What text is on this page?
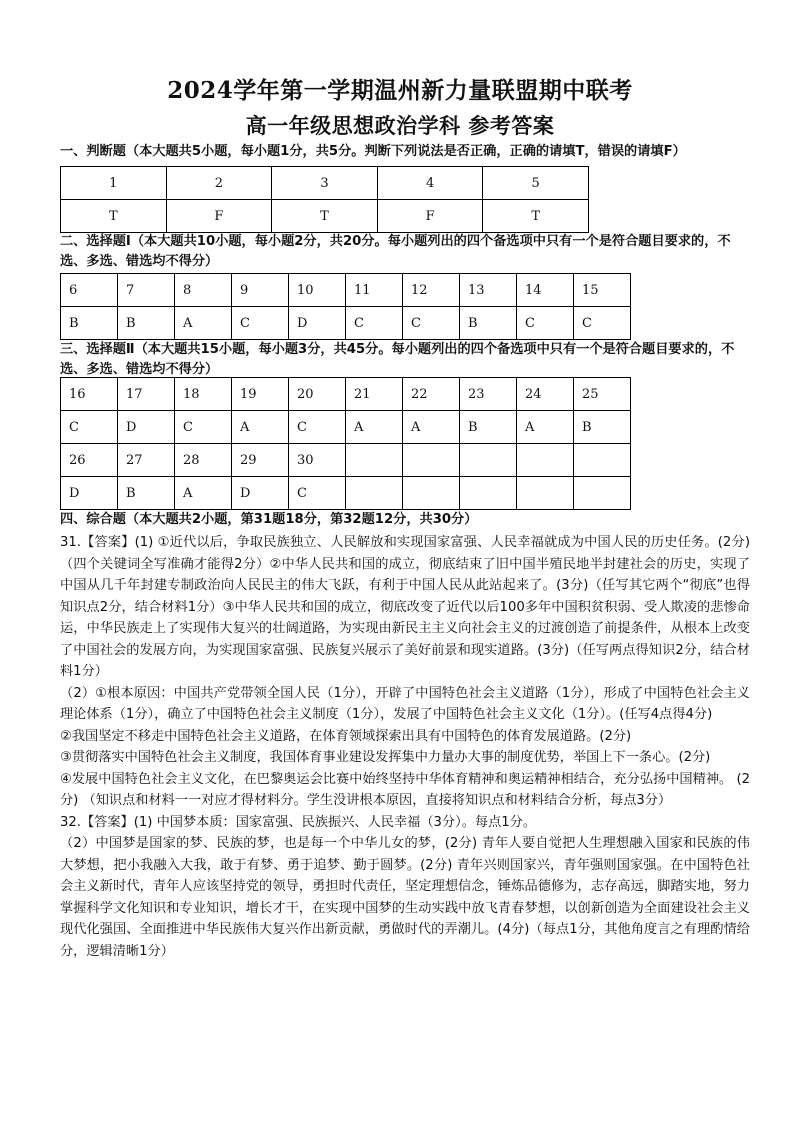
2024学年第一学期温州新力量联盟期中联考
高一年级思想政治学科 参考答案
一、判断题（本大题共5小题，每小题1分，共5分。判断下列说法是否正确，正确的请填T，错误的请填F）
1	2	3	4	5
T	F	T	F	T
二、选择题Ⅰ（本大题共10小题，每小题2分，共20分。每小题列出的四个备选项中只有一个是符合题目要求的，不选、多选、错选均不得分）
6	7	8	9	10	11	12	13	14	15
B	B	A	C	D	C	C	B	C	C
三、选择题Ⅱ（本大题共15小题，每小题3分，共45分。每小题列出的四个备选项中只有一个是符合题目要求的，不选、多选、错选均不得分）
16	17	18	19	20	21	22	23	24	25
C	D	C	A	C	A	A	B	A	B
26	27	28	29	30					
D	B	A	D	C					
四、综合题（本大题共2小题，第31题18分，第32题12分，共30分）

31.【答案】(1) ①近代以后，争取民族独立、人民解放和实现国家富强、人民幸福就成为中国人民的历史任务。(2分)（四个关键词全写准确才能得2分）②中华人民共和国的成立，彻底结束了旧中国半殖民地半封建社会的历史，实现了中国从几千年封建专制政治向人民民主的伟大飞跃，有利于中国人民从此站起来了。(3分)（任写其它两个“彻底”也得知识点2分，结合材料1分）③中华人民共和国的成立，彻底改变了近代以后100多年中国积贫积弱、受人欺凌的悲惨命运，中华民族走上了实现伟大复兴的壮阔道路，为实现由新民主主义向社会主义的过渡创造了前提条件，从根本上改变了中国社会的发展方向，为实现国家富强、民族复兴展示了美好前景和现实道路。(3分)（任写两点得知识2分，结合材料1分）

（2）①根本原因：中国共产党带领全国人民（1分），开辟了中国特色社会主义道路（1分），形成了中国特色社会主义理论体系（1分），确立了中国特色社会主义制度（1分），发展了中国特色社会主义文化（1分）。(任写4点得4分)

②我国坚定不移走中国特色社会主义道路，在体育领域探索出具有中国特色的体育发展道路。(2分)

③贯彻落实中国特色社会主义制度，我国体育事业建设发挥集中力量办大事的制度优势，举国上下一条心。(2分)

④发展中国特色社会主义文化，在巴黎奥运会比赛中始终坚持中华体育精神和奥运精神相结合，充分弘扬中国精神。 (2分) （知识点和材料一一对应才得材料分。学生没讲根本原因，直接将知识点和材料结合分析，每点3分）

32.【答案】(1) 中国梦本质：国家富强、民族振兴、人民幸福（3分）。每点1分。

（2）中国梦是国家的梦、民族的梦，也是每一个中华儿女的梦，(2分) 青年人要自觉把人生理想融入国家和民族的伟大梦想，把小我融入大我，敢于有梦、勇于追梦、勤于圆梦。(2分) 青年兴则国家兴，青年强则国家强。在中国特色社会主义新时代，青年人应该坚持党的领导，勇担时代责任，坚定理想信念，锤炼品德修为，志存高远，脚踏实地，努力掌握科学文化知识和专业知识，增长才干，在实现中国梦的生动实践中放飞青春梦想，以创新创造为全面建设社会主义现代化强国、全面推进中华民族伟大复兴作出新贡献，勇做时代的弄潮儿。(4分)（每点1分，其他角度言之有理酌情给分，逻辑清晰1分）
